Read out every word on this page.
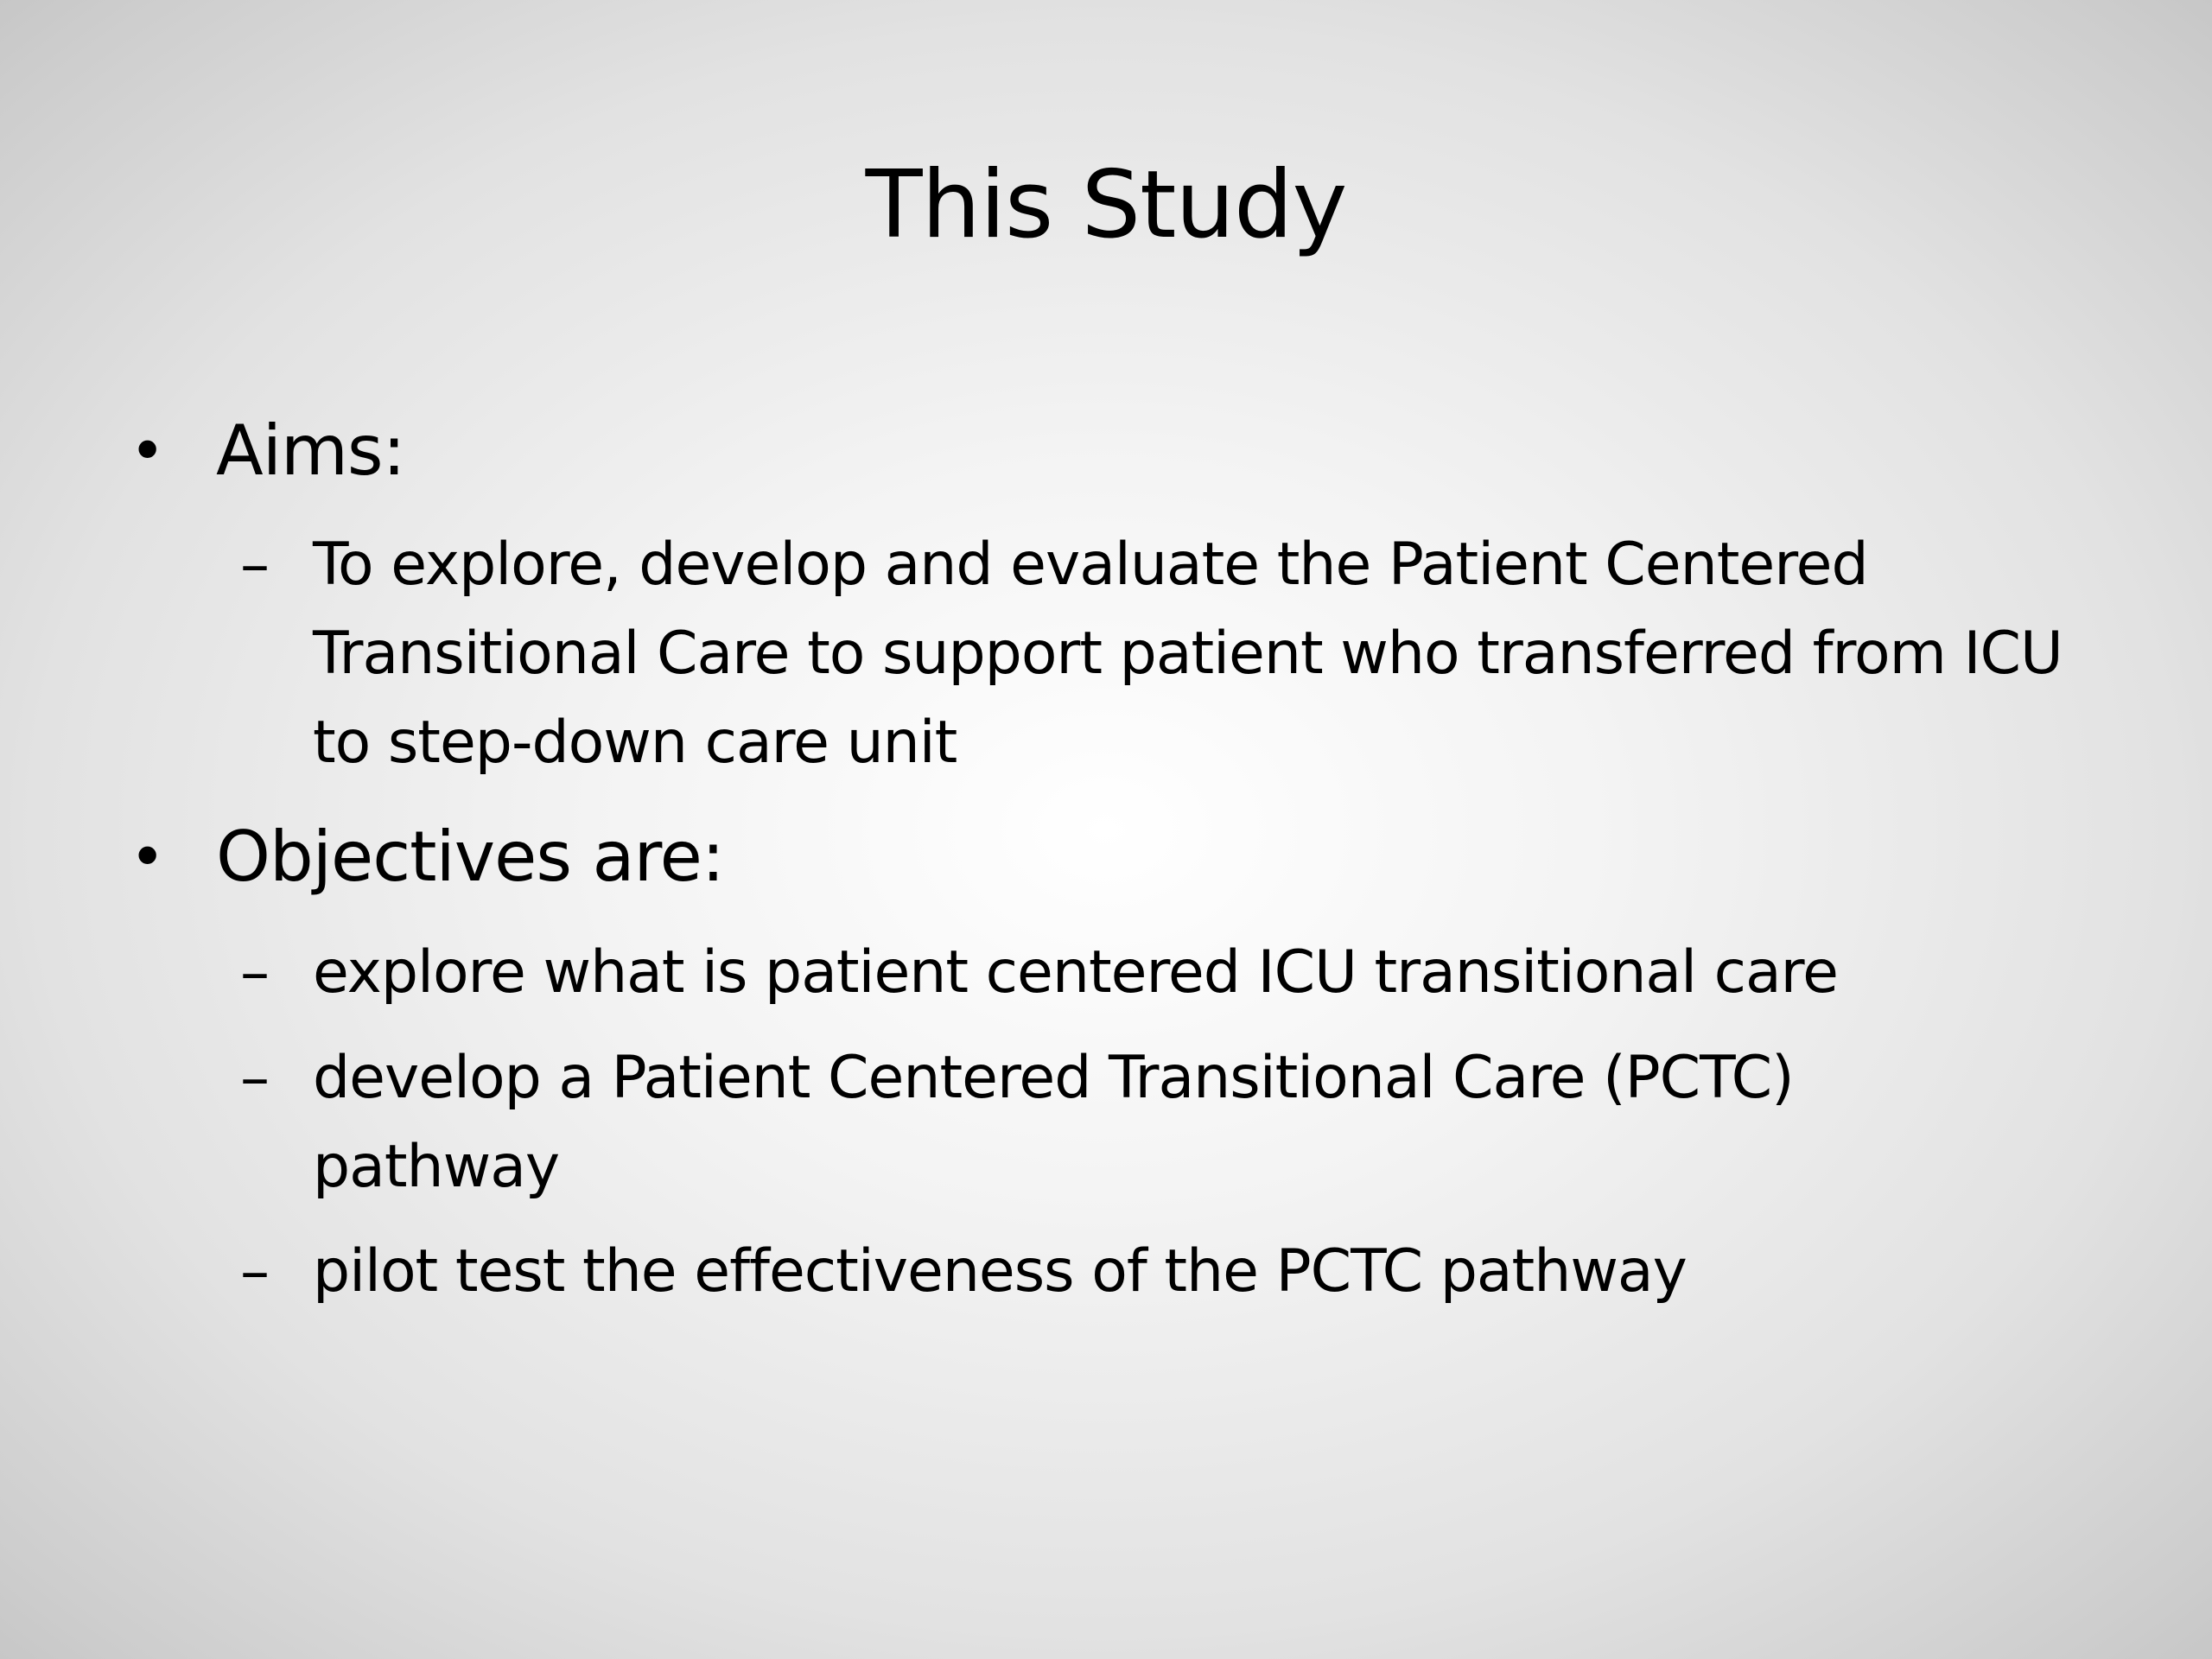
This Study
• Aims:
– To explore, develop and evaluate the Patient Centered Transitional Care to support patient who transferred from ICU to step-down care unit
• Objectives are:
– explore what is patient centered ICU transitional care
– develop a Patient Centered Transitional Care (PCTC) pathway
– pilot test the effectiveness of the PCTC pathway
